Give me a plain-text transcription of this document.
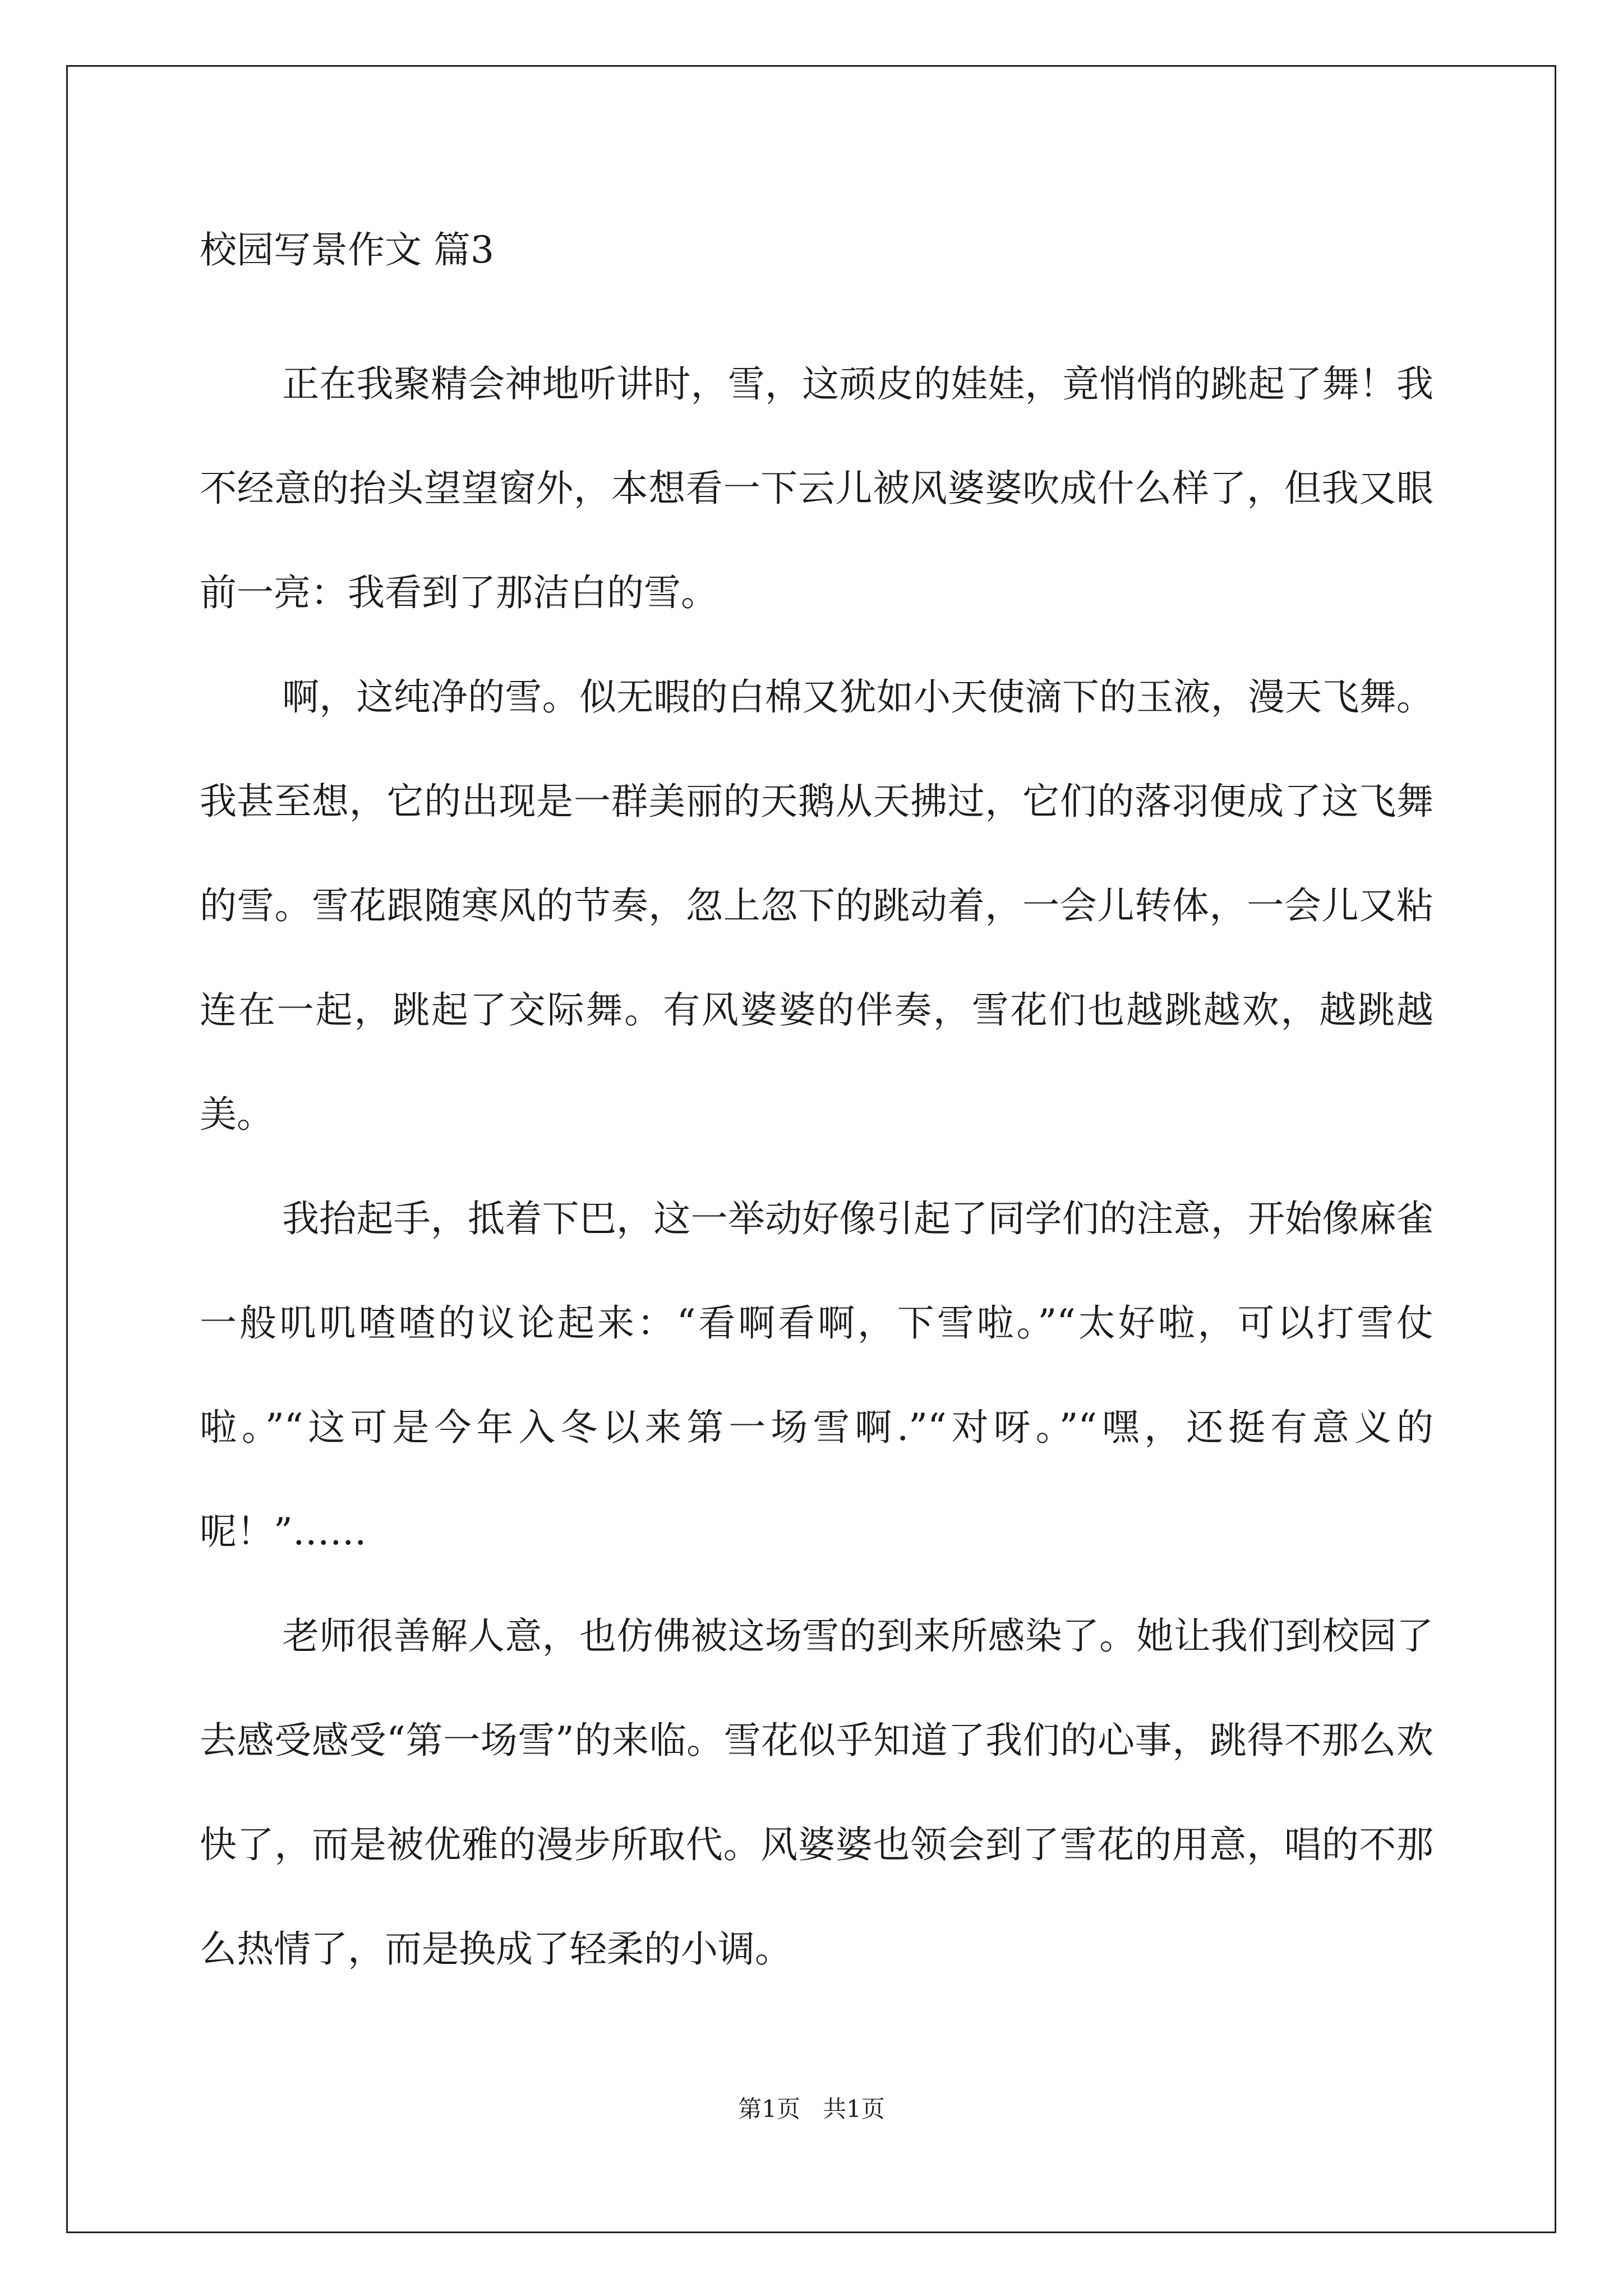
校园写景作文 篇3

正在我聚精会神地听讲时，雪，这顽皮的娃娃，竟悄悄的跳起了舞！我不经意的抬头望望窗外，本想看一下云儿被风婆婆吹成什么样了，但我又眼前一亮：我看到了那洁白的雪。

啊，这纯净的雪。似无暇的白棉又犹如小天使滴下的玉液，漫天飞舞。我甚至想，它的出现是一群美丽的天鹅从天拂过，它们的落羽便成了这飞舞的雪。雪花跟随寒风的节奏，忽上忽下的跳动着，一会儿转体，一会儿又粘连在一起，跳起了交际舞。有风婆婆的伴奏，雪花们也越跳越欢，越跳越美。

我抬起手，抵着下巴，这一举动好像引起了同学们的注意，开始像麻雀一般叽叽喳喳的议论起来：“看啊看啊，下雪啦。”“太好啦，可以打雪仗啦。”“这可是今年入冬以来第一场雪啊.”“对呀。”“嘿，还挺有意义的呢！”……

老师很善解人意，也仿佛被这场雪的到来所感染了。她让我们到校园了去感受感受“第一场雪”的来临。雪花似乎知道了我们的心事，跳得不那么欢快了，而是被优雅的漫步所取代。风婆婆也领会到了雪花的用意，唱的不那么热情了，而是换成了轻柔的小调。

第1页 共1页
